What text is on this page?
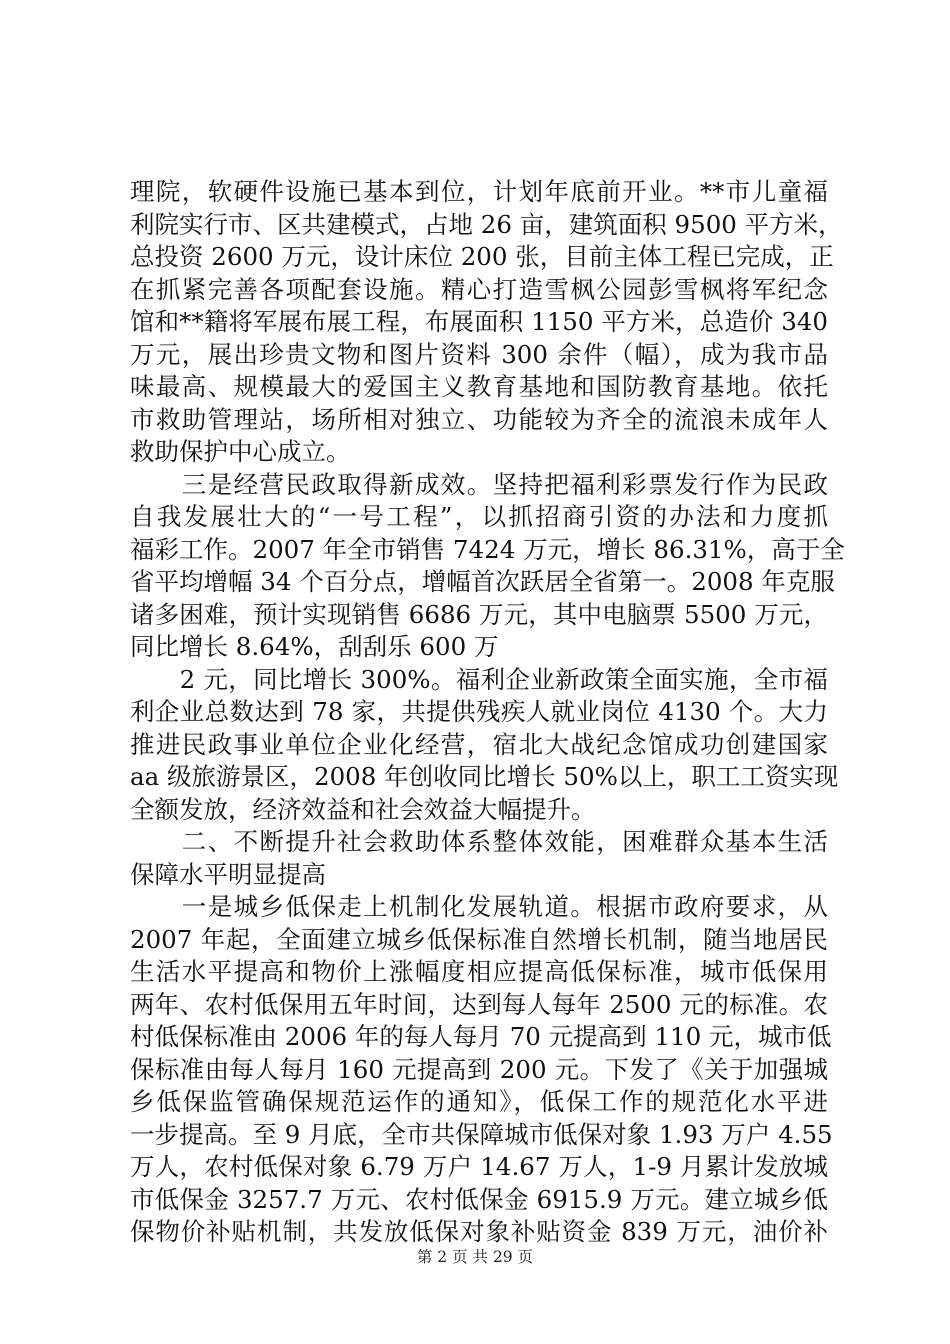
理院，软硬件设施已基本到位，计划年底前开业。**市儿童福
利院实行市、区共建模式，占地 26 亩，建筑面积 9500 平方米，
总投资 2600 万元，设计床位 200 张，目前主体工程已完成，正
在抓紧完善各项配套设施。精心打造雪枫公园彭雪枫将军纪念
馆和**籍将军展布展工程，布展面积 1150 平方米，总造价 340
万元，展出珍贵文物和图片资料 300 余件（幅），成为我市品
味最高、规模最大的爱国主义教育基地和国防教育基地。依托
市救助管理站，场所相对独立、功能较为齐全的流浪未成年人
救助保护中心成立。
　　三是经营民政取得新成效。坚持把福利彩票发行作为民政
自我发展壮大的“一号工程”，以抓招商引资的办法和力度抓
福彩工作。2007 年全市销售 7424 万元，增长 86.31%，高于全
省平均增幅 34 个百分点，增幅首次跃居全省第一。2008 年克服
诸多困难，预计实现销售 6686 万元，其中电脑票 5500 万元，
同比增长 8.64%，刮刮乐 600 万
　　2 元，同比增长 300%。福利企业新政策全面实施，全市福
利企业总数达到 78 家，共提供残疾人就业岗位 4130 个。大力
推进民政事业单位企业化经营，宿北大战纪念馆成功创建国家
aa 级旅游景区，2008 年创收同比增长 50%以上，职工工资实现
全额发放，经济效益和社会效益大幅提升。
　　二、不断提升社会救助体系整体效能，困难群众基本生活
保障水平明显提高
　　一是城乡低保走上机制化发展轨道。根据市政府要求，从
2007 年起，全面建立城乡低保标准自然增长机制，随当地居民
生活水平提高和物价上涨幅度相应提高低保标准，城市低保用
两年、农村低保用五年时间，达到每人每年 2500 元的标准。农
村低保标准由 2006 年的每人每月 70 元提高到 110 元，城市低
保标准由每人每月 160 元提高到 200 元。下发了《关于加强城
乡低保监管确保规范运作的通知》，低保工作的规范化水平进
一步提高。至 9 月底，全市共保障城市低保对象 1.93 万户 4.55
万人，农村低保对象 6.79 万户 14.67 万人，1-9 月累计发放城
市低保金 3257.7 万元、农村低保金 6915.9 万元。建立城乡低
保物价补贴机制，共发放低保对象补贴资金 839 万元，油价补
第 2 页 共 29 页
